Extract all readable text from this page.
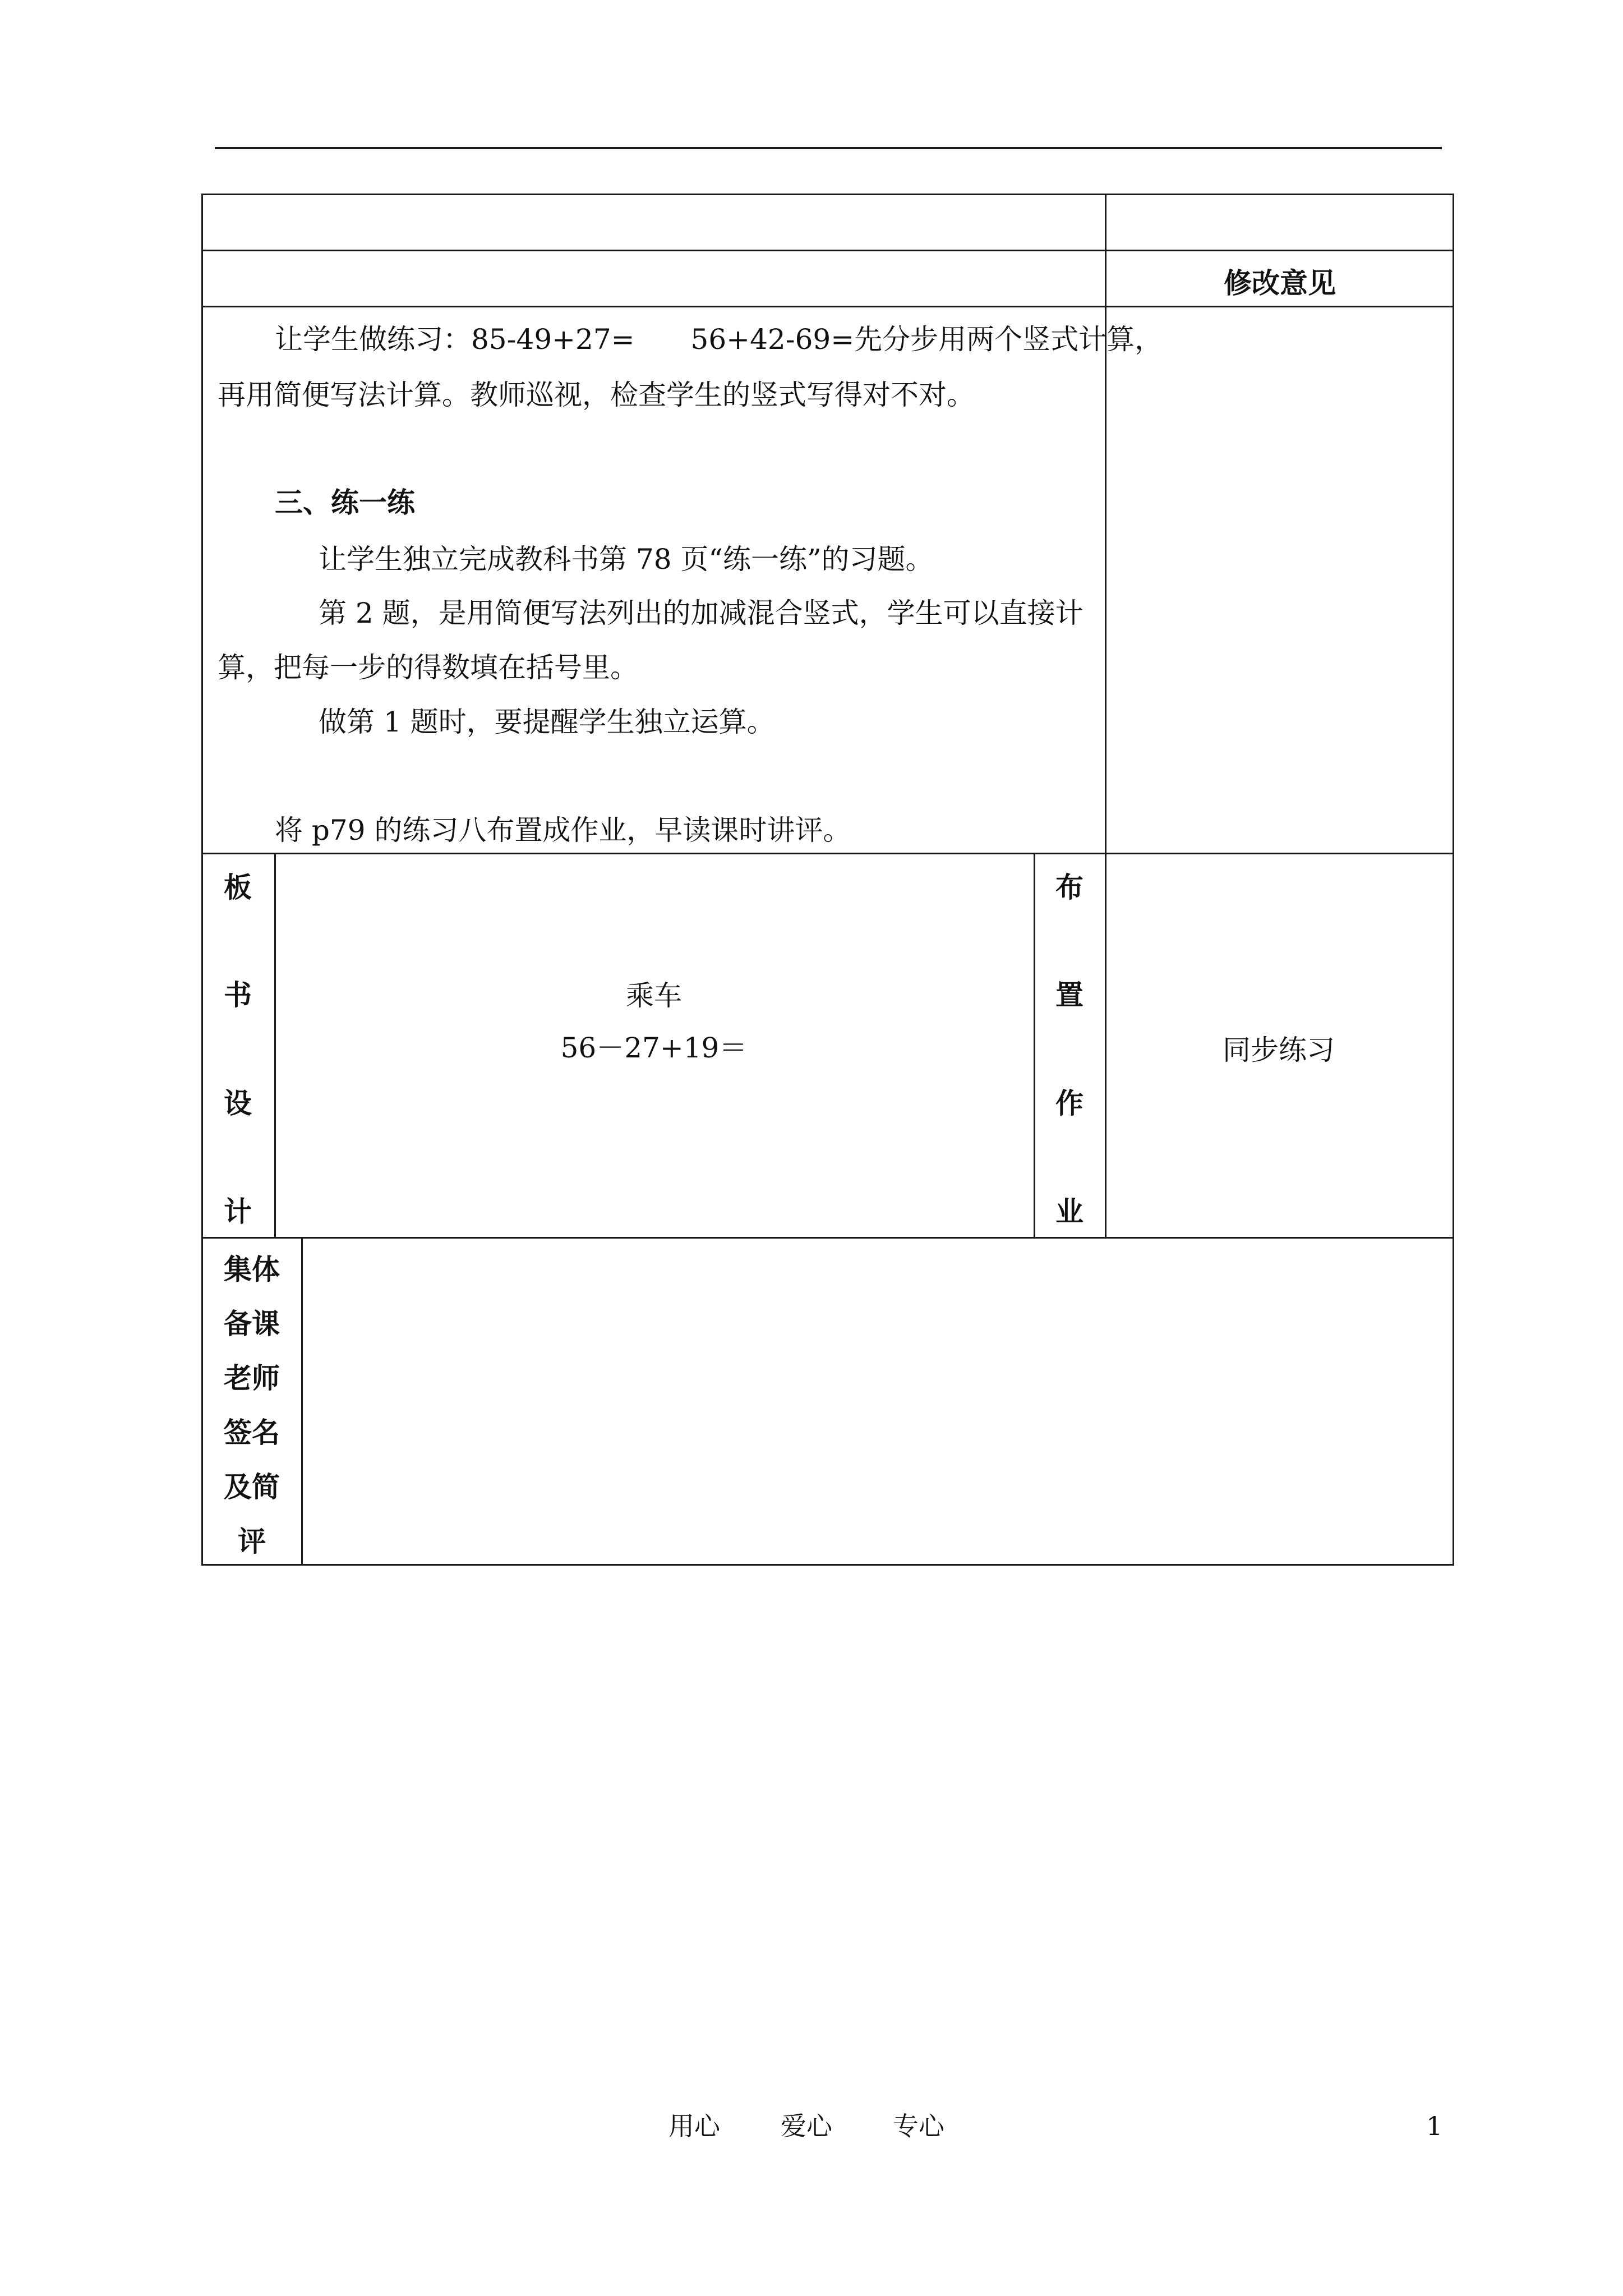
修改意见
让学生做练习：85-49+27=　　56+42-69=先分步用两个竖式计算，
再用简便写法计算。教师巡视，检查学生的竖式写得对不对。
三、练一练
让学生独立完成教科书第 78 页“练一练”的习题。
第 2 题，是用简便写法列出的加减混合竖式，学生可以直接计
算，把每一步的得数填在括号里。
做第 1 题时，要提醒学生独立运算。
将 p79 的练习八布置成作业，早读课时讲评。
板
书
设
计
乘车
56－27+19＝
布
置
作
业
同步练习
集体
备课
老师
签名
及简
评
用心 爱心 专心	1
